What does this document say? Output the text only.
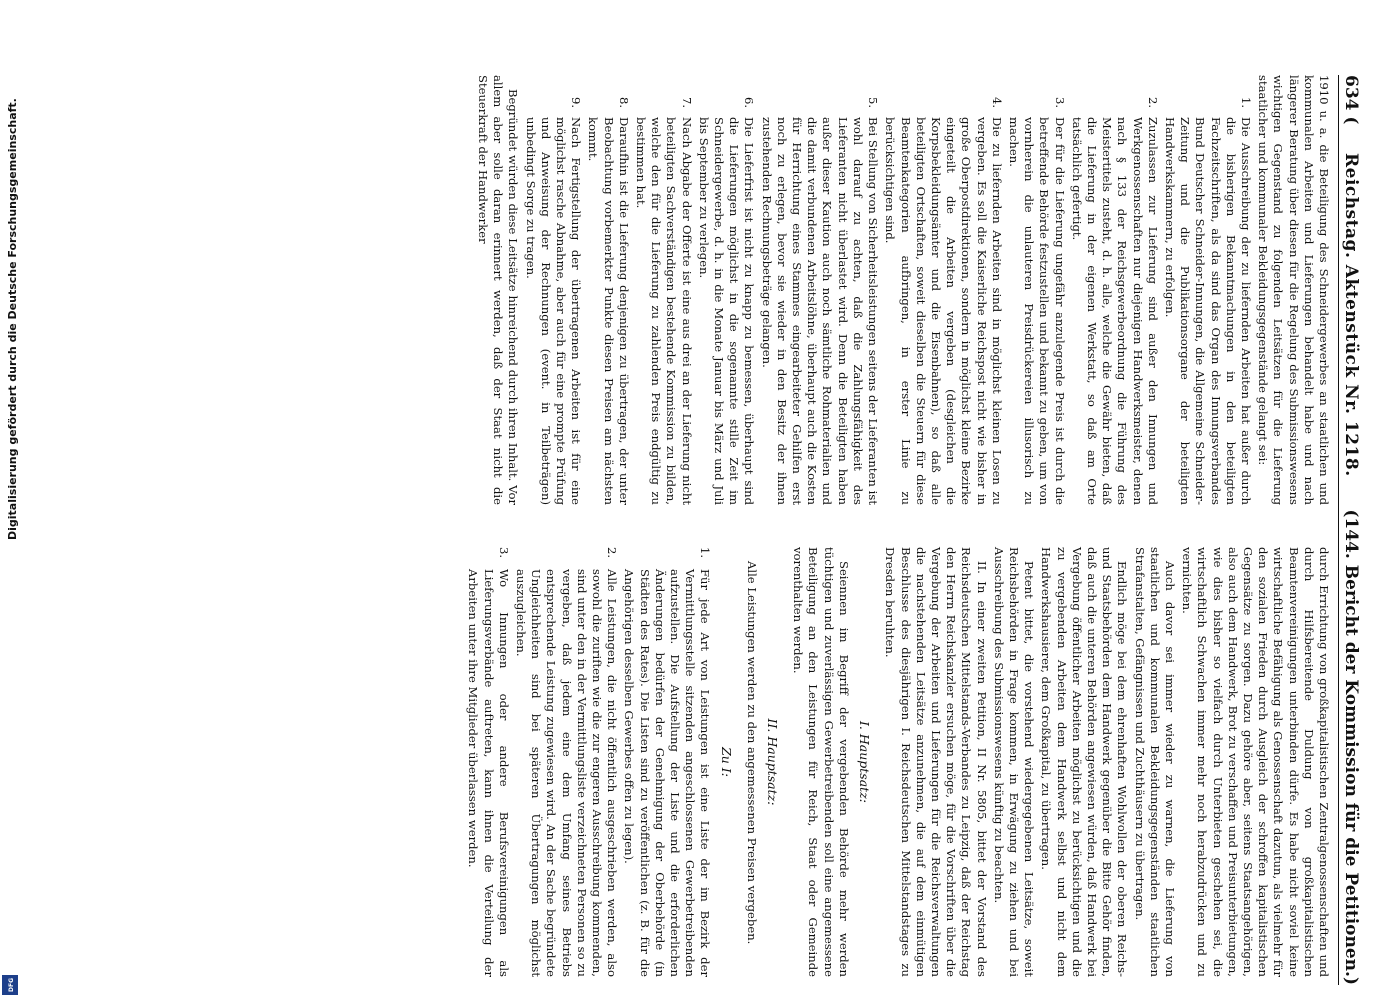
634 (
Reichstag. Aktenstück Nr. 1218.
(144. Bericht der Kommission für die Petitionen.)

1910 u. a. die Beteiligung des Schneidergewerbes an staatlichen und kommunalen Arbeiten und Lieferungen behandelt habe und nach längerer Beratung über diesen für die Regelung des Submissionswesens wichtigen Gegenstand zu folgenden Leitsätzen für die Lieferung staatlicher und kommunaler Bekleidungsgegenstände gelangt sei:

1.
Die Ausschreibung der zu liefernden Arbeiten hat außer durch die bisherigen Bekanntmachungen in den beteiligten Fachzeitschriften, als da sind das Organ des Innungsverbandes Bund Deutscher Schneider-Innungen, die Allgemeine Schneider-Zeitung und die Publikationsorgane der beteiligten Handwerkskammern, zu erfolgen.
2.
Zuzulassen zur Lieferung sind außer den Innungen und Werkgenossenschaften nur diejenigen Handwerksmeister, denen nach § 133 der Reichsgewerbeordnung die Führung des Meistertitels zusteht, d. h. alle, welche die Gewähr bieten, daß die Lieferung in der eigenen Werkstatt, so daß am Orte tatsächlich gefertigt.
3.
Der für die Lieferung ungefähr anzulegende Preis ist durch die betreffende Behörde festzustellen und bekannt zu geben, um von vornherein die unlauteren Preisdrückereien illusorisch zu machen.
4.
Die zu liefernden Arbeiten sind in möglichst kleinen Losen zu vergeben. Es soll die Kaiserliche Reichspost nicht wie bisher in große Oberpostdirektionen, sondern in möglichst kleine Bezirke eingeteilt die Arbeiten vergeben (desgleichen die Korpsbekleidungsämter und die Eisenbahnen), so daß alle beteiligten Ortschaften, soweit dieselben die Steuern für diese Beamtenkategorien aufbringen, in erster Linie zu berücksichtigen sind.
5.
Bei Stellung von Sicherheitsleistungen seitens der Lieferanten ist wohl darauf zu achten, daß die Zahlungsfähigkeit des Lieferanten nicht überlastet wird. Denn die Beteiligten haben außer dieser Kaution auch noch sämtliche Rohmaterialien und die damit verbundenen Arbeitslöhne, überhaupt auch die Kosten für Herrichtung eines Stammes eingearbeiteter Gehilfen erst noch zu erlegen, bevor sie wieder in den Besitz der ihnen zustehenden Rechnungsbeträge gelangen.
6.
Die Lieferfrist ist nicht zu knapp zu bemessen, überhaupt sind die Lieferungen möglichst in die sogenannte stille Zeit im Schneidergewerbe, d. h. in die Monate Januar bis März und Juli bis September zu verlegen.
7.
Nach Abgabe der Offerte ist eine aus drei an der Lieferung nicht beteiligten Sachverständigen bestehende Kommission zu bilden, welche den für die Lieferung zu zahlenden Preis endgültig zu bestimmen hat.
8.
Daraufhin ist die Lieferung denjenigen zu übertragen, der unter Beobachtung vorbemerkter Punkte diesen Preisen am nächsten kommt.
9.
Nach Fertigstellung der übertragenen Arbeiten ist für eine möglichst rasche Abnahme, aber auch für eine prompte Prüfung und Anweisung der Rechnungen (event. in Teilbeträgen) unbedingt Sorge zu tragen.

Begründet würden diese Leitsätze hinreichend durch ihren Inhalt. Vor allem aber solle daran erinnert werden, daß der Staat nicht die Steuerkraft der Handwerker

durch Errichtung von großkapitalistischen Zentralgenossenschaften und durch Hilfsbereitende Duldung von großkapitalistischen Beamtenvereinigungen unterbinden dürfe. Es habe nicht soviel keine wirtschaftliche Befähigung als Genossenschaft dazutun, als vielmehr für den sozialen Frieden durch Ausgleich der schroffen kapitalistischen Gegensätze zu sorgen. Dazu gehöre aber, seitens Staatsangehörigen, also auch dem Handwerk, Brot zu verschaffen und Preisunterbietungen, wie dies bisher so vielfach durch Unterbieten geschehen sei, die wirtschaftlich Schwachen immer mehr noch herabzudrücken und zu vernichten.

Auch davor sei immer wieder zu warnen, die Lieferung von staatlichen und kommunalen Bekleidungsgegenständen staatlichen Strafanstalten, Gefängnissen und Zuchthäusern zu übertragen.

Endlich möge bei dem ehrenhaften Wohlwollen der oberen Reichs- und Staatsbehörden dem Handwerk gegenüber die Bitte Gehör finden, daß auch die unteren Behörden angewiesen würden, daß Handwerk bei Vergebung öffentlicher Arbeiten möglichst zu berücksichtigen und die zu vergebenden Arbeiten dem Handwerk selbst und nicht dem Handwerkshausierer, dem Großkapital, zu übertragen.

Petent bittet, die vorstehend wiedergegebenen Leitsätze, soweit Reichsbehörden in Frage kommen, in Erwägung zu ziehen und bei Ausschreibung des Submissionswesens künftig zu beachten.

II. In einer zweiten Petition, II Nr. 5805, bittet der Vorstand des Reichsdeutschen Mittelstands-Verbandes zu Leipzig, daß der Reichstag den Herrn Reichskanzler ersuchen möge, für die Vorschriften über die Vergebung der Arbeiten und Lieferungen für die Reichsverwaltungen die nachstehenden Leitsätze anzunehmen, die auf dem einmütigen Beschlusse des diesjährigen I. Reichsdeutschen Mittelstandstages zu Dresden beruhten.

I. Hauptsatz:

Seiennen im Begriff der vergebenden Behörde mehr werden tüchtigen und zuverlässigen Gewerbetreibenden soll eine angemessene Beteiligung an den Leistungen für Reich, Staat oder Gemeinde vorenthalten werden.

II. Hauptsatz:

Alle Leistungen werden zu den angemessenen Preisen vergeben.

Zu I:

1.
Für jede Art von Leistungen ist eine Liste der im Bezirk der Vermittlungsstelle sitzenden angeschlossenen Gewerbetreibenden aufzustellen. Die Aufstellung der Liste und die erforderlichen Änderungen bedürfen der Genehmigung der Oberbehörde (in Städten des Rates). Die Listen sind zu veröffentlichen (z. B. für die Angehörigen desselben Gewerbes offen zu legen).
2.
Alle Leistungen, die nicht öffentlich ausgeschrieben werden, also sowohl die zuriften wie die zur engeren Ausschreibung kommenden, sind unter den in der Vermittlungsliste verzeichneten Personen so zu vergeben, daß jedem eine dem Umfang seines Betriebs entsprechende Leistung zugewiesen wird. An der Sache begründete Ungleichheiten sind bei späteren Übertragungen möglichst auszugleichen.
3.
Wo Innungen oder andere Berufsvereinigungen als Lieferungsverbände auftreten, kann ihnen die Verteilung der Arbeiten unter ihre Mitglieder überlassen werden.
Digitalisierung gefördert durch die Deutsche Forschungsgemeinschaft.
DFG
